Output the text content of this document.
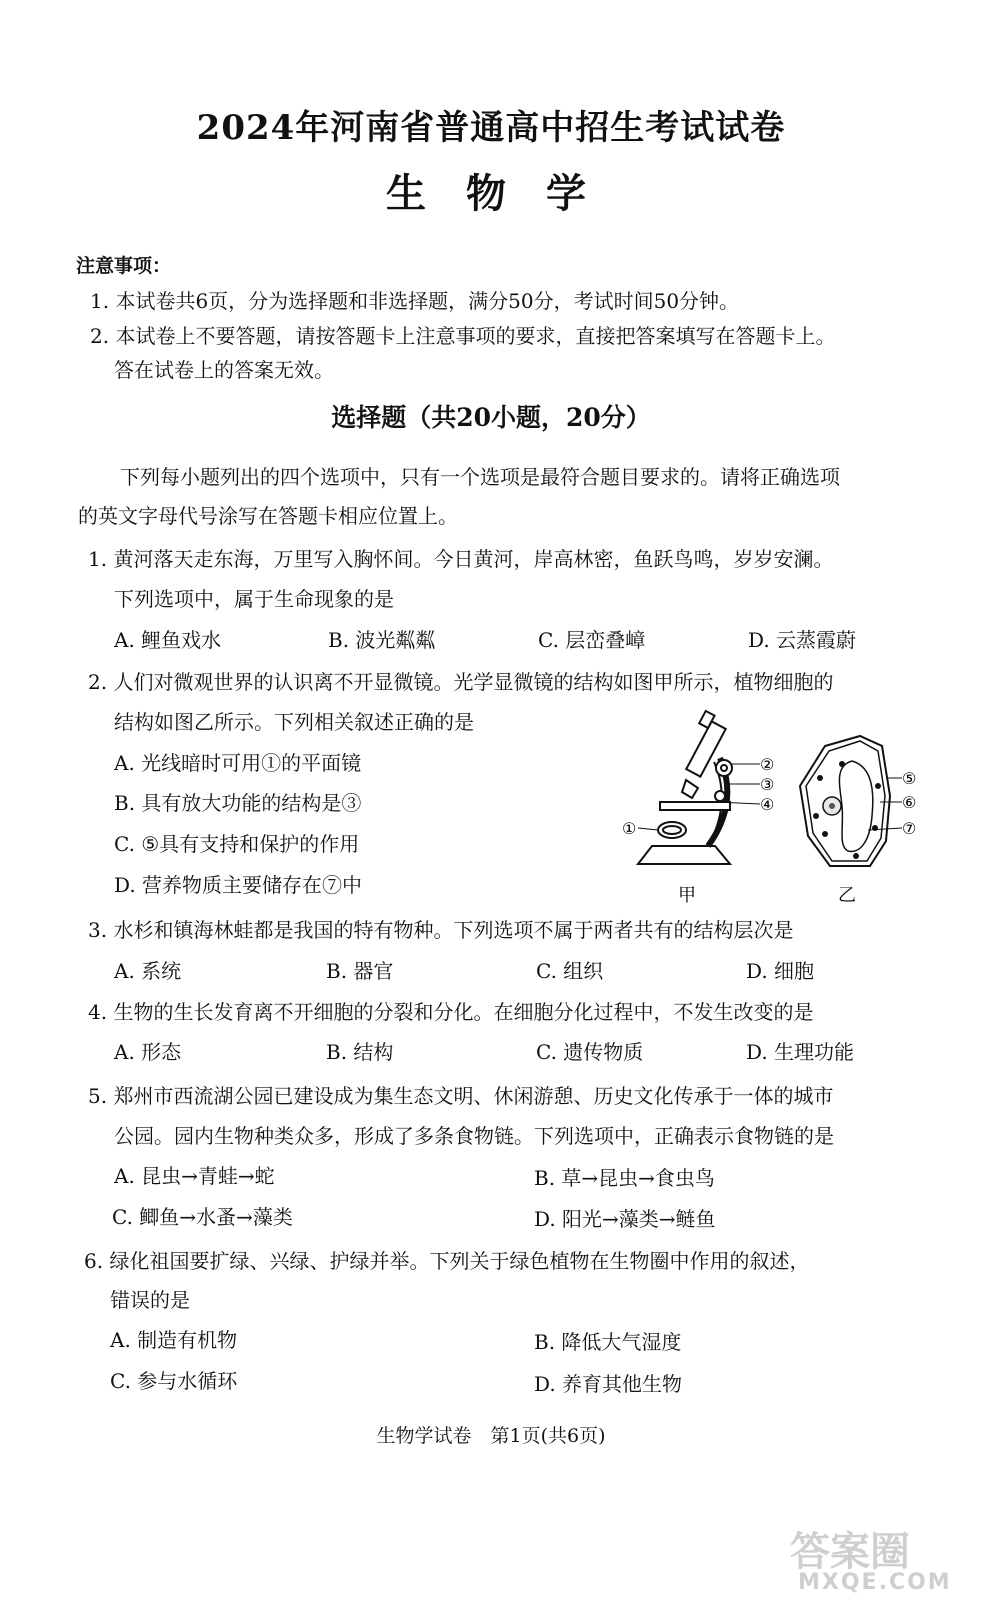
2024年河南省普通高中招生考试试卷
生物学
注意事项：
1. 本试卷共6页，分为选择题和非选择题，满分50分，考试时间50分钟。
2. 本试卷上不要答题，请按答题卡上注意事项的要求，直接把答案填写在答题卡上。
答在试卷上的答案无效。
选择题（共20小题，20分）
下列每小题列出的四个选项中，只有一个选项是最符合题目要求的。请将正确选项
的英文字母代号涂写在答题卡相应位置上。
1. 黄河落天走东海，万里写入胸怀间。今日黄河，岸高林密，鱼跃鸟鸣，岁岁安澜。
下列选项中，属于生命现象的是
A. 鲤鱼戏水	B. 波光粼粼	C. 层峦叠嶂	D. 云蒸霞蔚
2. 人们对微观世界的认识离不开显微镜。光学显微镜的结构如图甲所示，植物细胞的
结构如图乙所示。下列相关叙述正确的是
A. 光线暗时可用①的平面镜
B. 具有放大功能的结构是③
C. ⑤具有支持和保护的作用
D. 营养物质主要储存在⑦中
①
②
③
④
甲
⑤
⑥
⑦
乙
3. 水杉和镇海林蛙都是我国的特有物种。下列选项不属于两者共有的结构层次是
A. 系统	B. 器官	C. 组织	D. 细胞
4. 生物的生长发育离不开细胞的分裂和分化。在细胞分化过程中，不发生改变的是
A. 形态	B. 结构	C. 遗传物质	D. 生理功能
5. 郑州市西流湖公园已建设成为集生态文明、休闲游憩、历史文化传承于一体的城市
公园。园内生物种类众多，形成了多条食物链。下列选项中，正确表示食物链的是
A. 昆虫→青蛙→蛇	B. 草→昆虫→食虫鸟
C. 鲫鱼→水蚤→藻类	D. 阳光→藻类→鲢鱼
6. 绿化祖国要扩绿、兴绿、护绿并举。下列关于绿色植物在生物圈中作用的叙述，
错误的是
A. 制造有机物	B. 降低大气湿度
C. 参与水循环	D. 养育其他生物
生物学试卷　第1页(共6页)
答案圈
MXQE.COM
